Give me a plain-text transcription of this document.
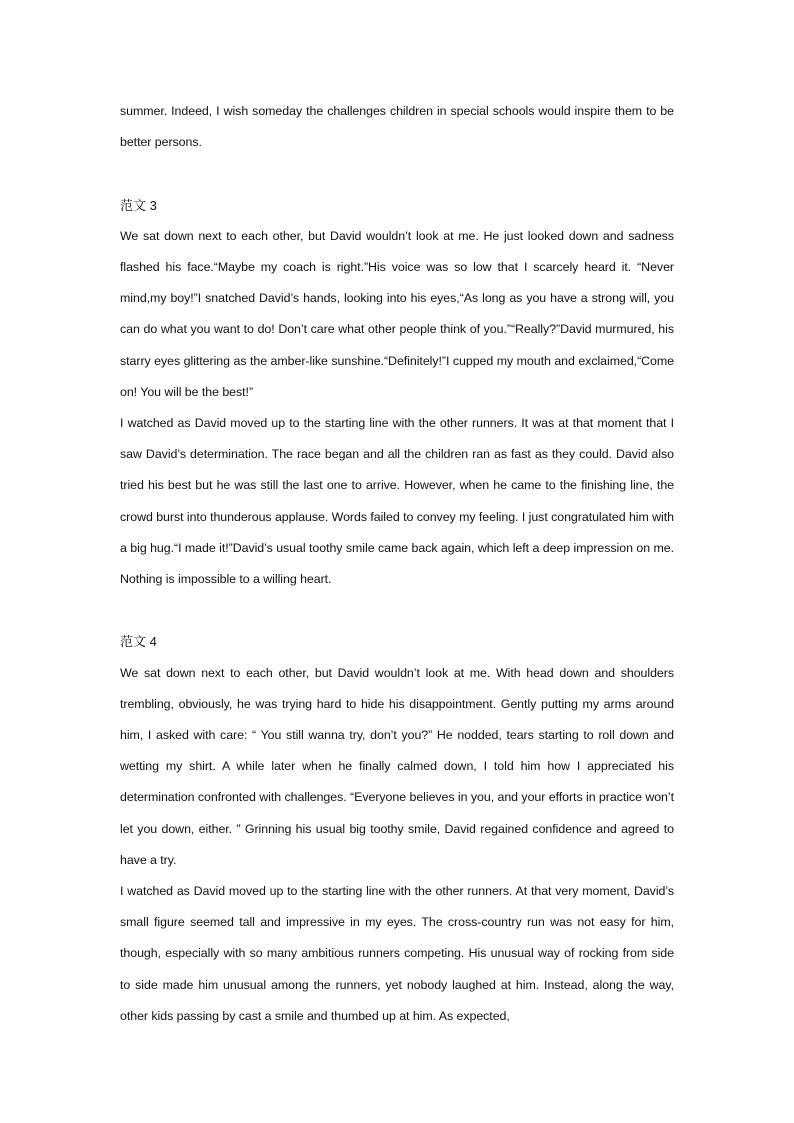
summer. Indeed, I wish someday the challenges children in special schools would inspire them to be better persons.

范文 3

We sat down next to each other, but David wouldn’t look at me. He just looked down and sadness flashed his face.“Maybe my coach is right.”His voice was so low that I scarcely heard it. “Never mind,my boy!”I snatched David’s hands, looking into his eyes,“As long as you have a strong will, you can do what you want to do! Don’t care what other people think of you.”“Really?”David murmured, his starry eyes glittering as the amber-like sunshine.“Definitely!”I cupped my mouth and exclaimed,“Come on! You will be the best!”

I watched as David moved up to the starting line with the other runners. It was at that moment that I saw David’s determination. The race began and all the children ran as fast as they could. David also tried his best but he was still the last one to arrive. However, when he came to the finishing line, the crowd burst into thunderous applause. Words failed to convey my feeling. I just congratulated him with a big hug.“I made it!”David’s usual toothy smile came back again, which left a deep impression on me. Nothing is impossible to a willing heart.

范文 4

We sat down next to each other, but David wouldn’t look at me. With head down and shoulders trembling, obviously, he was trying hard to hide his disappointment. Gently putting my arms around him, I asked with care: “ You still wanna try, don’t you?” He nodded, tears starting to roll down and wetting my shirt. A while later when he finally calmed down, I told him how I appreciated his determination confronted with challenges. “Everyone believes in you, and your efforts in practice won’t let you down, either. ” Grinning his usual big toothy smile, David regained confidence and agreed to have a try.

I watched as David moved up to the starting line with the other runners. At that very moment, David’s small figure seemed tall and impressive in my eyes. The cross-country run was not easy for him, though, especially with so many ambitious runners competing. His unusual way of rocking from side to side made him unusual among the runners, yet nobody laughed at him. Instead, along the way, other kids passing by cast a smile and thumbed up at him. As expected,
